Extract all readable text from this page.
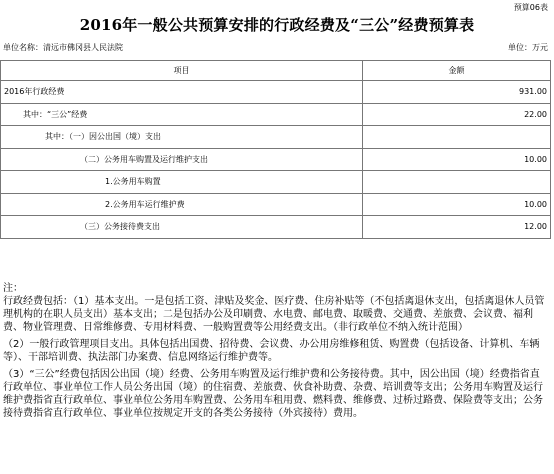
预算06表
2016年一般公共预算安排的行政经费及“三公”经费预算表
单位名称：清远市佛冈县人民法院	单位：万元
项目	金额
2016年行政经费	931.00
其中：“三公”经费	22.00
其中：（一）因公出国（境）支出	
（二）公务用车购置及运行维护支出	10.00
1.公务用车购置	
2.公务用车运行维护费	10.00
（三）公务接待费支出	12.00

注：

行政经费包括：（1）基本支出。一是包括工资、津贴及奖金、医疗费、住房补贴等（不包括离退休支出，包括离退休人员管理机构的在职人员支出）基本支出；二是包括办公及印刷费、水电费、邮电费、取暖费、交通费、差旅费、会议费、福利费、物业管理费、日常维修费、专用材料费、一般购置费等公用经费支出。（非行政单位不纳入统计范围）

（2）一般行政管理项目支出。具体包括出国费、招待费、会议费、办公用房维修租赁、购置费（包括设备、计算机、车辆等）、干部培训费、执法部门办案费、信息网络运行维护费等。

（3）“三公”经费包括因公出国（境）经费、公务用车购置及运行维护费和公务接待费。其中，因公出国（境）经费指省直行政单位、事业单位工作人员公务出国（境）的住宿费、差旅费、伙食补助费、杂费、培训费等支出；公务用车购置及运行维护费指省直行政单位、事业单位公务用车购置费、公务用车租用费、燃料费、维修费、过桥过路费、保险费等支出；公务接待费指省直行政单位、事业单位按规定开支的各类公务接待（外宾接待）费用。
